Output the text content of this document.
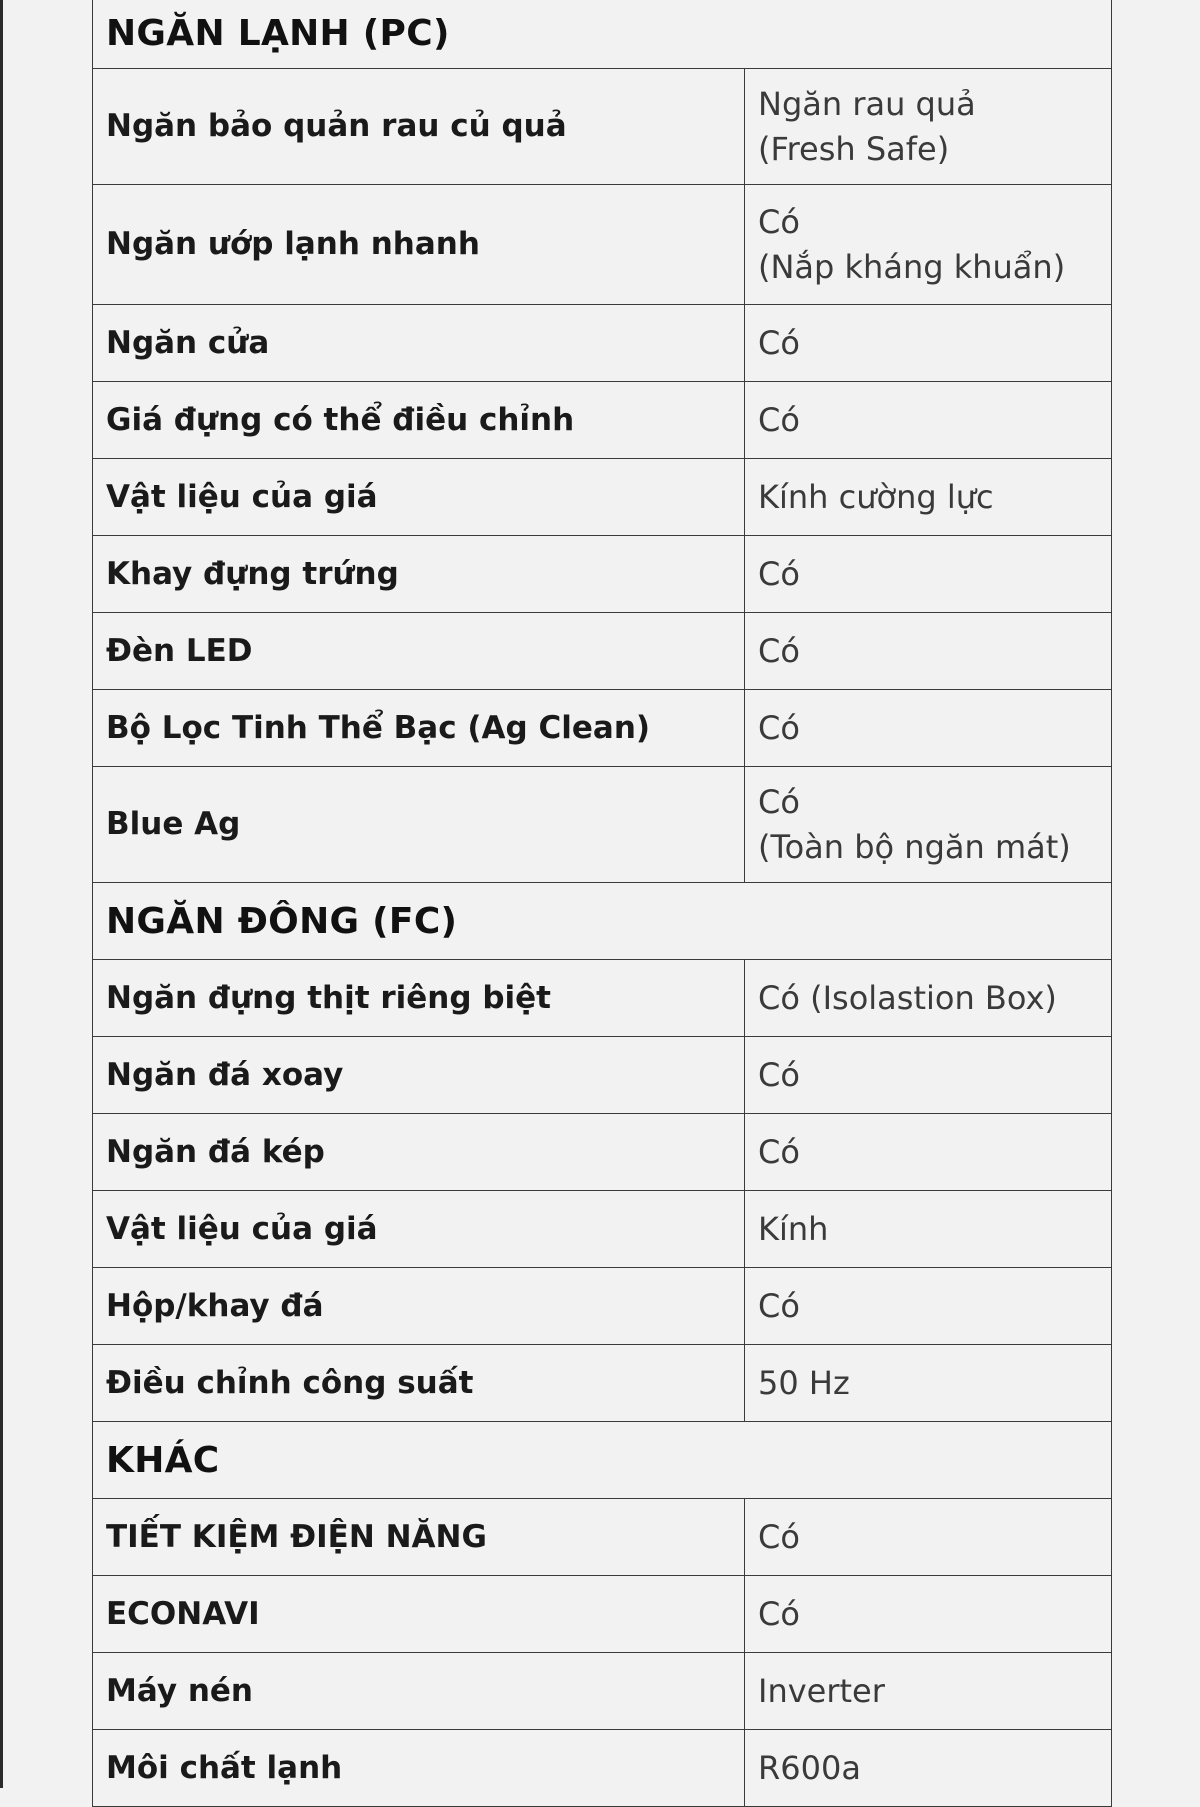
NGĂN LẠNH (PC)	
Ngăn bảo quản rau củ quả	Ngăn rau quả
(Fresh Safe)
Ngăn ướp lạnh nhanh	Có
(Nắp kháng khuẩn)
Ngăn cửa	Có
Giá đựng có thể điều chỉnh	Có
Vật liệu của giá	Kính cường lực
Khay đựng trứng	Có
Đèn LED	Có
Bộ Lọc Tinh Thể Bạc (Ag Clean)	Có
Blue Ag	Có
(Toàn bộ ngăn mát)
NGĂN ĐÔNG (FC)	
Ngăn đựng thịt riêng biệt	Có (Isolastion Box)
Ngăn đá xoay	Có
Ngăn đá kép	Có
Vật liệu của giá	Kính
Hộp/khay đá	Có
Điều chỉnh công suất	50 Hz
KHÁC	
TIẾT KIỆM ĐIỆN NĂNG	Có
ECONAVI	Có
Máy nén	Inverter
Môi chất lạnh	R600a
